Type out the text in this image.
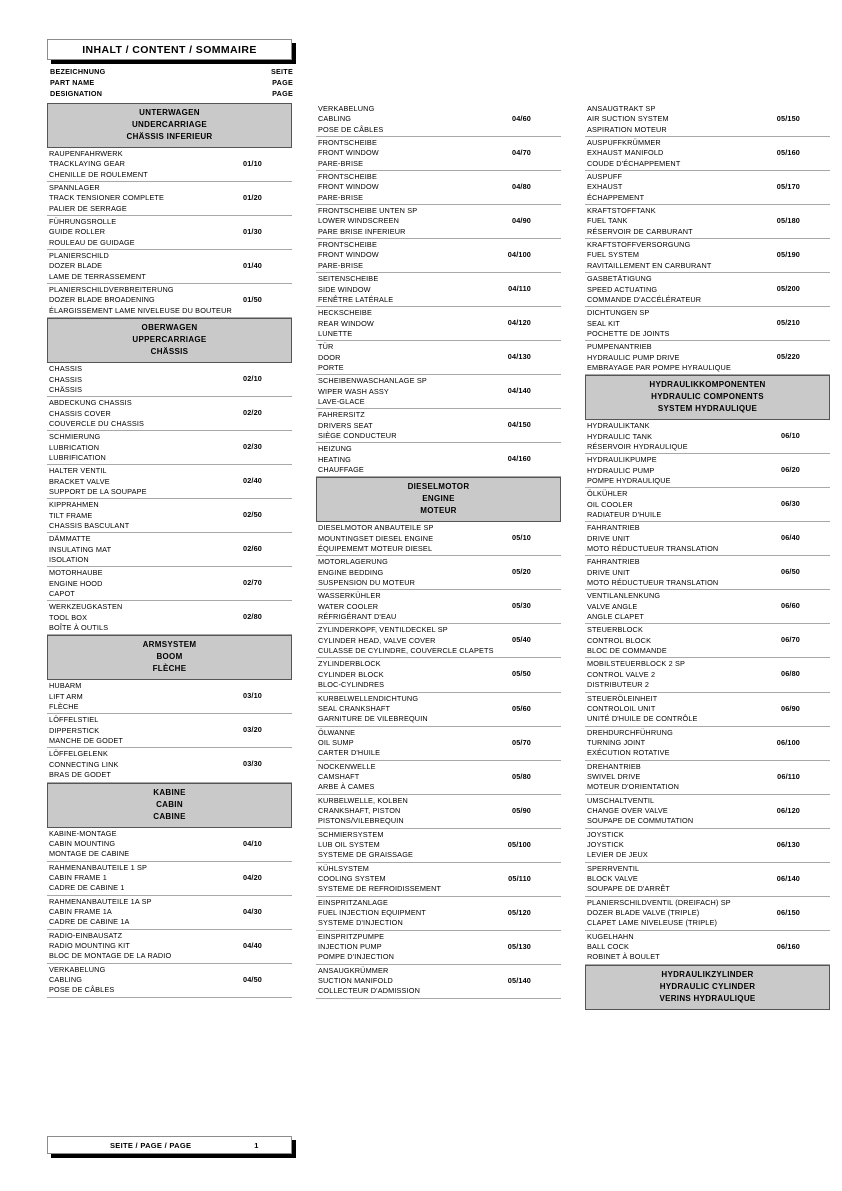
INHALT / CONTENT / SOMMAIRE
BEZEICHNUNG	SEITE
PART NAME	PAGE
DESIGNATION	PAGE
UNTERWAGEN
UNDERCARRIAGE
CHÄSSIS INFERIEUR
RAUPENFAHRWERK
TRACKLAYING GEAR
CHENILLE DE ROULEMENT
01/10
SPANNLAGER
TRACK TENSIONER COMPLETE
PALIER DE SERRAGE
01/20
FÜHRUNGSROLLE
GUIDE ROLLER
ROULEAU DE GUIDAGE
01/30
PLANIERSCHILD
DOZER BLADE
LAME DE TERRASSEMENT
01/40
PLANIERSCHILDVERBREITERUNG
DOZER BLADE BROADENING
ÉLARGISSEMENT LAME NIVELEUSE DU BOUTEUR
01/50
OBERWAGEN
UPPERCARRIAGE
CHÄSSIS
CHASSIS
CHASSIS
CHÄSSIS
02/10
ABDECKUNG CHASSIS
CHASSIS COVER
COUVERCLE DU CHASSIS
02/20
SCHMIERUNG
LUBRICATION
LUBRIFICATION
02/30
HALTER VENTIL
BRACKET VALVE
SUPPORT DE LA SOUPAPE
02/40
KIPPRAHMEN
TILT FRAME
CHASSIS BASCULANT
02/50
DÄMMATTE
INSULATING MAT
ISOLATION
02/60
MOTORHAUBE
ENGINE HOOD
CAPOT
02/70
WERKZEUGKASTEN
TOOL BOX
BOÎTE À OUTILS
02/80
ARMSYSTEM
BOOM
FLÈCHE
HUBARM
LIFT ARM
FLÈCHE
03/10
LÖFFELSTIEL
DIPPERSTICK
MANCHE DE GODET
03/20
LÖFFELGELENK
CONNECTING LINK
BRAS DE GODET
03/30
KABINE
CABIN
CABINE
KABINE-MONTAGE
CABIN MOUNTING
MONTAGE DE CABINE
04/10
RAHMENANBAUTEILE 1 SP
CABIN FRAME 1
CADRE DE CABINE 1
04/20
RAHMENANBAUTEILE 1A SP
CABIN FRAME 1A
CADRE DE CABINE 1A
04/30
RADIO-EINBAUSATZ
RADIO MOUNTING KIT
BLOC DE MONTAGE DE LA RADIO
04/40
VERKABELUNG
CABLING
POSE DE CÂBLES
04/50
VERKABELUNG
CABLING
POSE DE CÂBLES
04/60
FRONTSCHEIBE
FRONT WINDOW
PARE-BRISE
04/70
FRONTSCHEIBE
FRONT WINDOW
PARE-BRISE
04/80
FRONTSCHEIBE UNTEN SP
LOWER WINDSCREEN
PARE BRISE INFERIEUR
04/90
FRONTSCHEIBE
FRONT WINDOW
PARE-BRISE
04/100
SEITENSCHEIBE
SIDE WINDOW
FENÊTRE LATÉRALE
04/110
HECKSCHEIBE
REAR WINDOW
LUNETTE
04/120
TÜR
DOOR
PORTE
04/130
SCHEIBENWASCHANLAGE SP
WIPER WASH ASSY
LAVE-GLACE
04/140
FAHRERSITZ
DRIVERS SEAT
SIÈGE CONDUCTEUR
04/150
HEIZUNG
HEATING
CHAUFFAGE
04/160
DIESELMOTOR
ENGINE
MOTEUR
DIESELMOTOR ANBAUTEILE SP
MOUNTINGSET DIESEL ENGINE
ÉQUIPEMEMT MOTEUR DIESEL
05/10
MOTORLAGERUNG
ENGINE BEDDING
SUSPENSION DU MOTEUR
05/20
WASSERKÜHLER
WATER COOLER
RÉFRIGÉRANT D'EAU
05/30
ZYLINDERKOPF, VENTILDECKEL SP
CYLINDER HEAD, VALVE COVER
CULASSE DE CYLINDRE, COUVERCLE CLAPETS
05/40
ZYLINDERBLOCK
CYLINDER BLOCK
BLOC-CYLINDRES
05/50
KURBELWELLENDICHTUNG
SEAL CRANKSHAFT
GARNITURE DE VILEBREQUIN
05/60
ÖLWANNE
OIL SUMP
CARTER D'HUILE
05/70
NOCKENWELLE
CAMSHAFT
ARBE À CAMES
05/80
KURBELWELLE, KOLBEN
CRANKSHAFT, PISTON
PISTONS/VILEBREQUIN
05/90
SCHMIERSYSTEM
LUB OIL SYSTEM
SYSTEME DE GRAISSAGE
05/100
KÜHLSYSTEM
COOLING SYSTEM
SYSTEME DE REFROIDISSEMENT
05/110
EINSPRITZANLAGE
FUEL INJECTION EQUIPMENT
SYSTEME D'INJECTION
05/120
EINSPRITZPUMPE
INJECTION PUMP
POMPE D'INJECTION
05/130
ANSAUGKRÜMMER
SUCTION MANIFOLD
COLLECTEUR D'ADMISSION
05/140
ANSAUGTRAKT SP
AIR SUCTION SYSTEM
ASPIRATION MOTEUR
05/150
AUSPUFFKRÜMMER
EXHAUST MANIFOLD
COUDE D'ÉCHAPPEMENT
05/160
AUSPUFF
EXHAUST
ÉCHAPPEMENT
05/170
KRAFTSTOFFTANK
FUEL TANK
RÉSERVOIR DE CARBURANT
05/180
KRAFTSTOFFVERSORGUNG
FUEL SYSTEM
RAVITAILLEMENT EN CARBURANT
05/190
GASBETÄTIGUNG
SPEED ACTUATING
COMMANDE D'ACCÉLÉRATEUR
05/200
DICHTUNGEN SP
SEAL KIT
POCHETTE DE JOINTS
05/210
PUMPENANTRIEB
HYDRAULIC PUMP DRIVE
EMBRAYAGE PAR POMPE HYRAULIQUE
05/220
HYDRAULIKKOMPONENTEN
HYDRAULIC COMPONENTS
SYSTEM HYDRAULIQUE
HYDRAULIKTANK
HYDRAULIC TANK
RÉSERVOIR HYDRAULIQUE
06/10
HYDRAULIKPUMPE
HYDRAULIC PUMP
POMPE HYDRAULIQUE
06/20
ÖLKÜHLER
OIL COOLER
RADIATEUR D'HUILE
06/30
FAHRANTRIEB
DRIVE UNIT
MOTO RÉDUCTUEUR TRANSLATION
06/40
FAHRANTRIEB
DRIVE UNIT
MOTO RÉDUCTUEUR TRANSLATION
06/50
VENTILANLENKUNG
VALVE ANGLE
ANGLE CLAPET
06/60
STEUERBLOCK
CONTROL BLOCK
BLOC DE COMMANDE
06/70
MOBILSTEUERBLOCK 2 SP
CONTROL VALVE 2
DISTRIBUTEUR 2
06/80
STEUERÖLEINHEIT
CONTROLOIL UNIT
UNITÉ D'HUILE DE CONTRÔLE
06/90
DREHDURCHFÜHRUNG
TURNING JOINT
EXÉCUTION ROTATIVE
06/100
DREHANTRIEB
SWIVEL DRIVE
MOTEUR D'ORIENTATION
06/110
UMSCHALTVENTIL
CHANGE OVER VALVE
SOUPAPE DE COMMUTATION
06/120
JOYSTICK
JOYSTICK
LEVIER DE JEUX
06/130
SPERRVENTIL
BLOCK VALVE
SOUPAPE DE D'ARRÊT
06/140
PLANIERSCHILDVENTIL (DREIFACH) SP
DOZER BLADE VALVE (TRIPLE)
CLAPET LAME NIVELEUSE (TRIPLE)
06/150
KUGELHAHN
BALL COCK
ROBINET À BOULET
06/160
HYDRAULIKZYLINDER
HYDRAULIC CYLINDER
VERINS HYDRAULIQUE
SEITE / PAGE / PAGE	1
